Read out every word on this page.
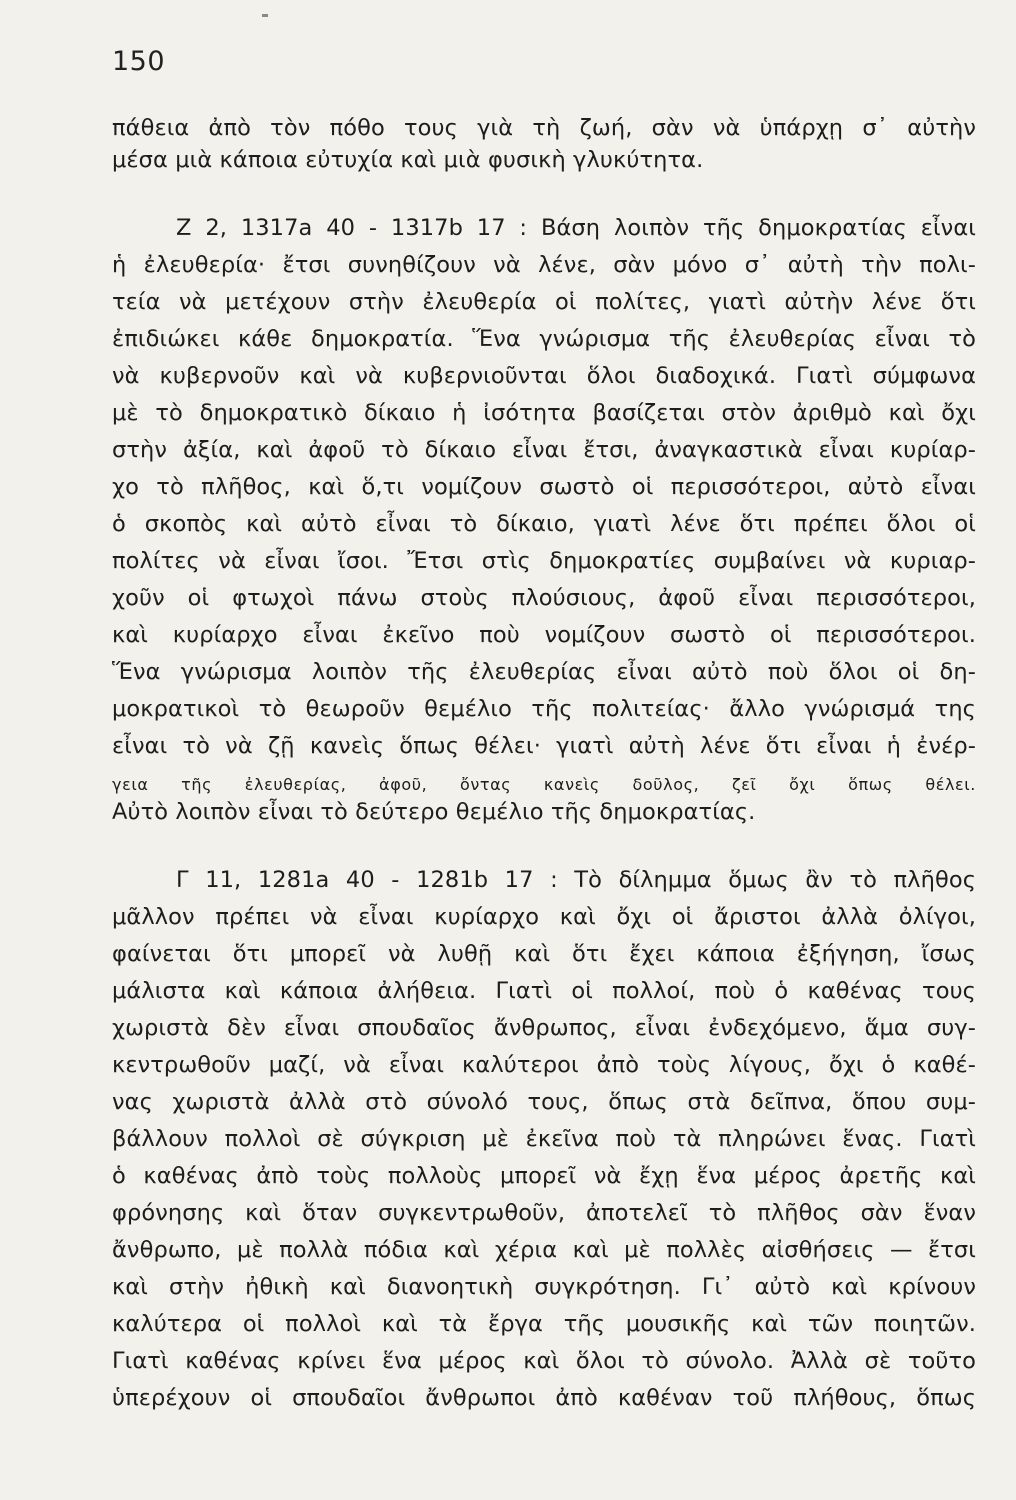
150
πάθεια ἀπὸ τὸν πόθο τους γιὰ τὴ ζωή, σὰν νὰ ὑπάρχῃ σ᾽ αὐτὴν
μέσα μιὰ κάποια εὐτυχία καὶ μιὰ φυσικὴ γλυκύτητα.
Ζ 2, 1317a 40 - 1317b 17 : Βάση λοιπὸν τῆς δημοκρατίας εἶναι
ἡ ἐλευθερία· ἔτσι συνηθίζουν νὰ λένε, σὰν μόνο σ᾽ αὐτὴ τὴν πολι-
τεία νὰ μετέχουν στὴν ἐλευθερία οἱ πολίτες, γιατὶ αὐτὴν λένε ὅτι
ἐπιδιώκει κάθε δημοκρατία. Ἕνα γνώρισμα τῆς ἐλευθερίας εἶναι τὸ
νὰ κυβερνοῦν καὶ νὰ κυβερνιοῦνται ὅλοι διαδοχικά. Γιατὶ σύμφωνα
μὲ τὸ δημοκρατικὸ δίκαιο ἡ ἰσότητα βασίζεται στὸν ἀριθμὸ καὶ ὄχι
στὴν ἀξία, καὶ ἀφοῦ τὸ δίκαιο εἶναι ἔτσι, ἀναγκαστικὰ εἶναι κυρίαρ-
χο τὸ πλῆθος, καὶ ὅ,τι νομίζουν σωστὸ οἱ περισσότεροι, αὐτὸ εἶναι
ὁ σκοπὸς καὶ αὐτὸ εἶναι τὸ δίκαιο, γιατὶ λένε ὅτι πρέπει ὅλοι οἱ
πολίτες νὰ εἶναι ἴσοι. Ἔτσι στὶς δημοκρατίες συμβαίνει νὰ κυριαρ-
χοῦν οἱ φτωχοὶ πάνω στοὺς πλούσιους, ἀφοῦ εἶναι περισσότεροι,
καὶ κυρίαρχο εἶναι ἐκεῖνο ποὺ νομίζουν σωστὸ οἱ περισσότεροι.
Ἕνα γνώρισμα λοιπὸν τῆς ἐλευθερίας εἶναι αὐτὸ ποὺ ὅλοι οἱ δη-
μοκρατικοὶ τὸ θεωροῦν θεμέλιο τῆς πολιτείας· ἄλλο γνώρισμά της
εἶναι τὸ νὰ ζῇ κανεὶς ὅπως θέλει· γιατὶ αὐτὴ λένε ὅτι εἶναι ἡ ἐνέρ-
γεια τῆς ἐλευθερίας, ἀφοῦ, ὄντας κανεὶς δοῦλος, ζεῖ ὄχι ὅπως θέλει.
Αὐτὸ λοιπὸν εἶναι τὸ δεύτερο θεμέλιο τῆς δημοκρατίας.
Γ 11, 1281a 40 - 1281b 17 : Τὸ δίλημμα ὅμως ἂν τὸ πλῆθος
μᾶλλον πρέπει νὰ εἶναι κυρίαρχο καὶ ὄχι οἱ ἄριστοι ἀλλὰ ὀλίγοι,
φαίνεται ὅτι μπορεῖ νὰ λυθῇ καὶ ὅτι ἔχει κάποια ἐξήγηση, ἴσως
μάλιστα καὶ κάποια ἀλήθεια. Γιατὶ οἱ πολλοί, ποὺ ὁ καθένας τους
χωριστὰ δὲν εἶναι σπουδαῖος ἄνθρωπος, εἶναι ἐνδεχόμενο, ἅμα συγ-
κεντρωθοῦν μαζί, νὰ εἶναι καλύτεροι ἀπὸ τοὺς λίγους, ὄχι ὁ καθέ-
νας χωριστὰ ἀλλὰ στὸ σύνολό τους, ὅπως στὰ δεῖπνα, ὅπου συμ-
βάλλουν πολλοὶ σὲ σύγκριση μὲ ἐκεῖνα ποὺ τὰ πληρώνει ἕνας. Γιατὶ
ὁ καθένας ἀπὸ τοὺς πολλοὺς μπορεῖ νὰ ἔχῃ ἕνα μέρος ἀρετῆς καὶ
φρόνησης καὶ ὅταν συγκεντρωθοῦν, ἀποτελεῖ τὸ πλῆθος σὰν ἕναν
ἄνθρωπο, μὲ πολλὰ πόδια καὶ χέρια καὶ μὲ πολλὲς αἰσθήσεις — ἔτσι
καὶ στὴν ἠθικὴ καὶ διανοητικὴ συγκρότηση. Γι᾽ αὐτὸ καὶ κρίνουν
καλύτερα οἱ πολλοὶ καὶ τὰ ἔργα τῆς μουσικῆς καὶ τῶν ποιητῶν.
Γιατὶ καθένας κρίνει ἕνα μέρος καὶ ὅλοι τὸ σύνολο. Ἀλλὰ σὲ τοῦτο
ὑπερέχουν οἱ σπουδαῖοι ἄνθρωποι ἀπὸ καθέναν τοῦ πλήθους, ὅπως
